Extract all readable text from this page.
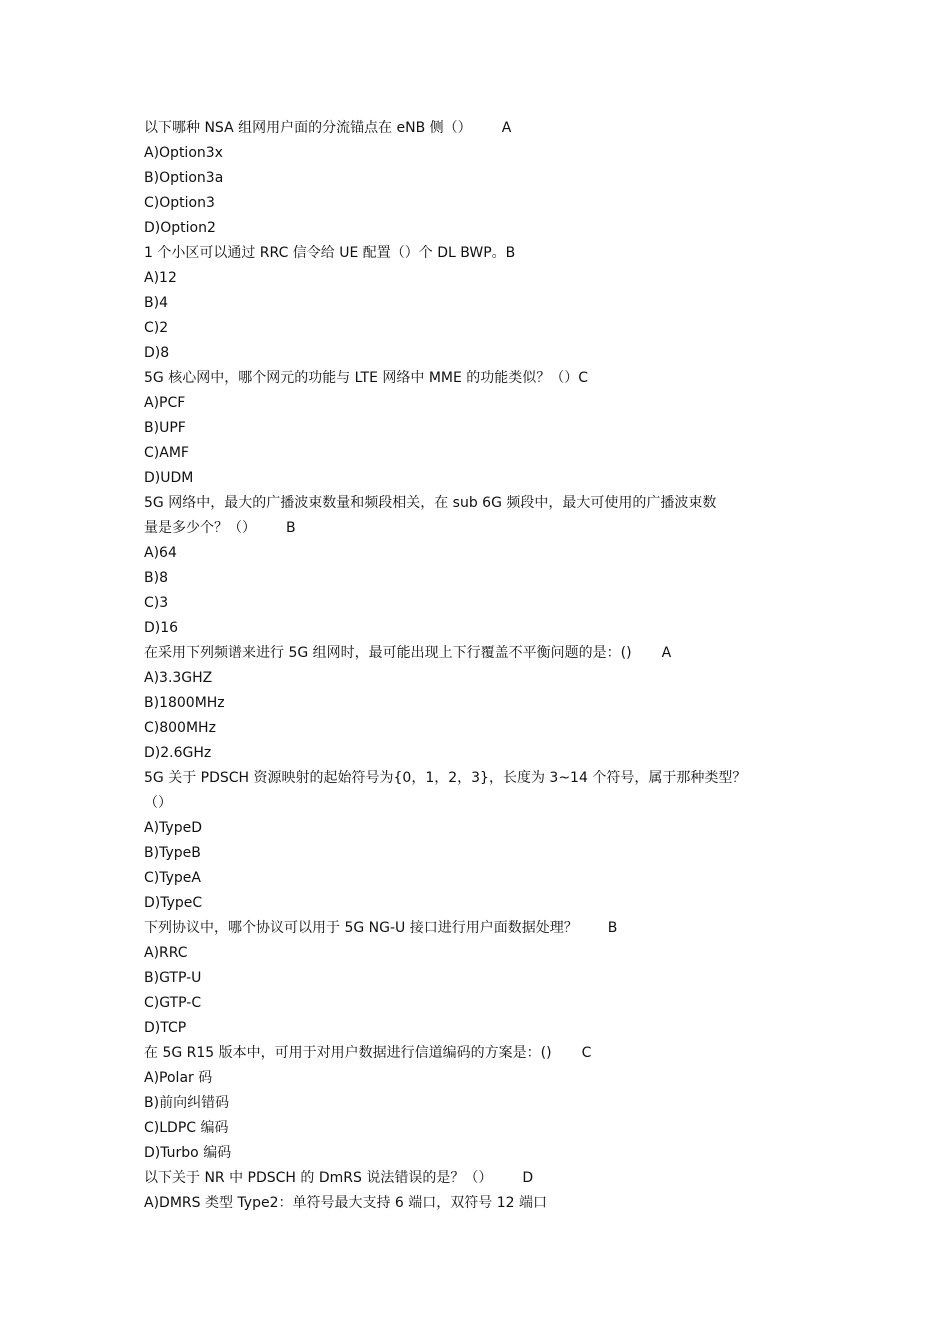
以下哪种 NSA 组网用户面的分流锚点在 eNB 侧（） A
A)Option3x
B)Option3a
C)Option3
D)Option2
1 个小区可以通过 RRC 信令给 UE 配置（）个 DL BWP。B
A)12
B)4
C)2
D)8
5G 核心网中，哪个网元的功能与 LTE 网络中 MME 的功能类似？（）C
A)PCF
B)UPF
C)AMF
D)UDM
5G 网络中，最大的广播波束数量和频段相关，在 sub 6G 频段中，最大可使用的广播波束数
量是多少个？（） B
A)64
B)8
C)3
D)16
在采用下列频谱来进行 5G 组网时，最可能出现上下行覆盖不平衡问题的是：() A
A)3.3GHZ
B)1800MHz
C)800MHz
D)2.6GHz
5G 关于 PDSCH 资源映射的起始符号为{0，1，2，3}，长度为 3~14 个符号，属于那种类型？
（）
A)TypeD
B)TypeB
C)TypeA
D)TypeC
下列协议中，哪个协议可以用于 5G NG-U 接口进行用户面数据处理？ B
A)RRC
B)GTP-U
C)GTP-C
D)TCP
在 5G R15 版本中，可用于对用户数据进行信道编码的方案是：() C
A)Polar 码
B)前向纠错码
C)LDPC 编码
D)Turbo 编码
以下关于 NR 中 PDSCH 的 DmRS 说法错误的是？（） D
A)DMRS 类型 Type2：单符号最大支持 6 端口，双符号 12 端口
